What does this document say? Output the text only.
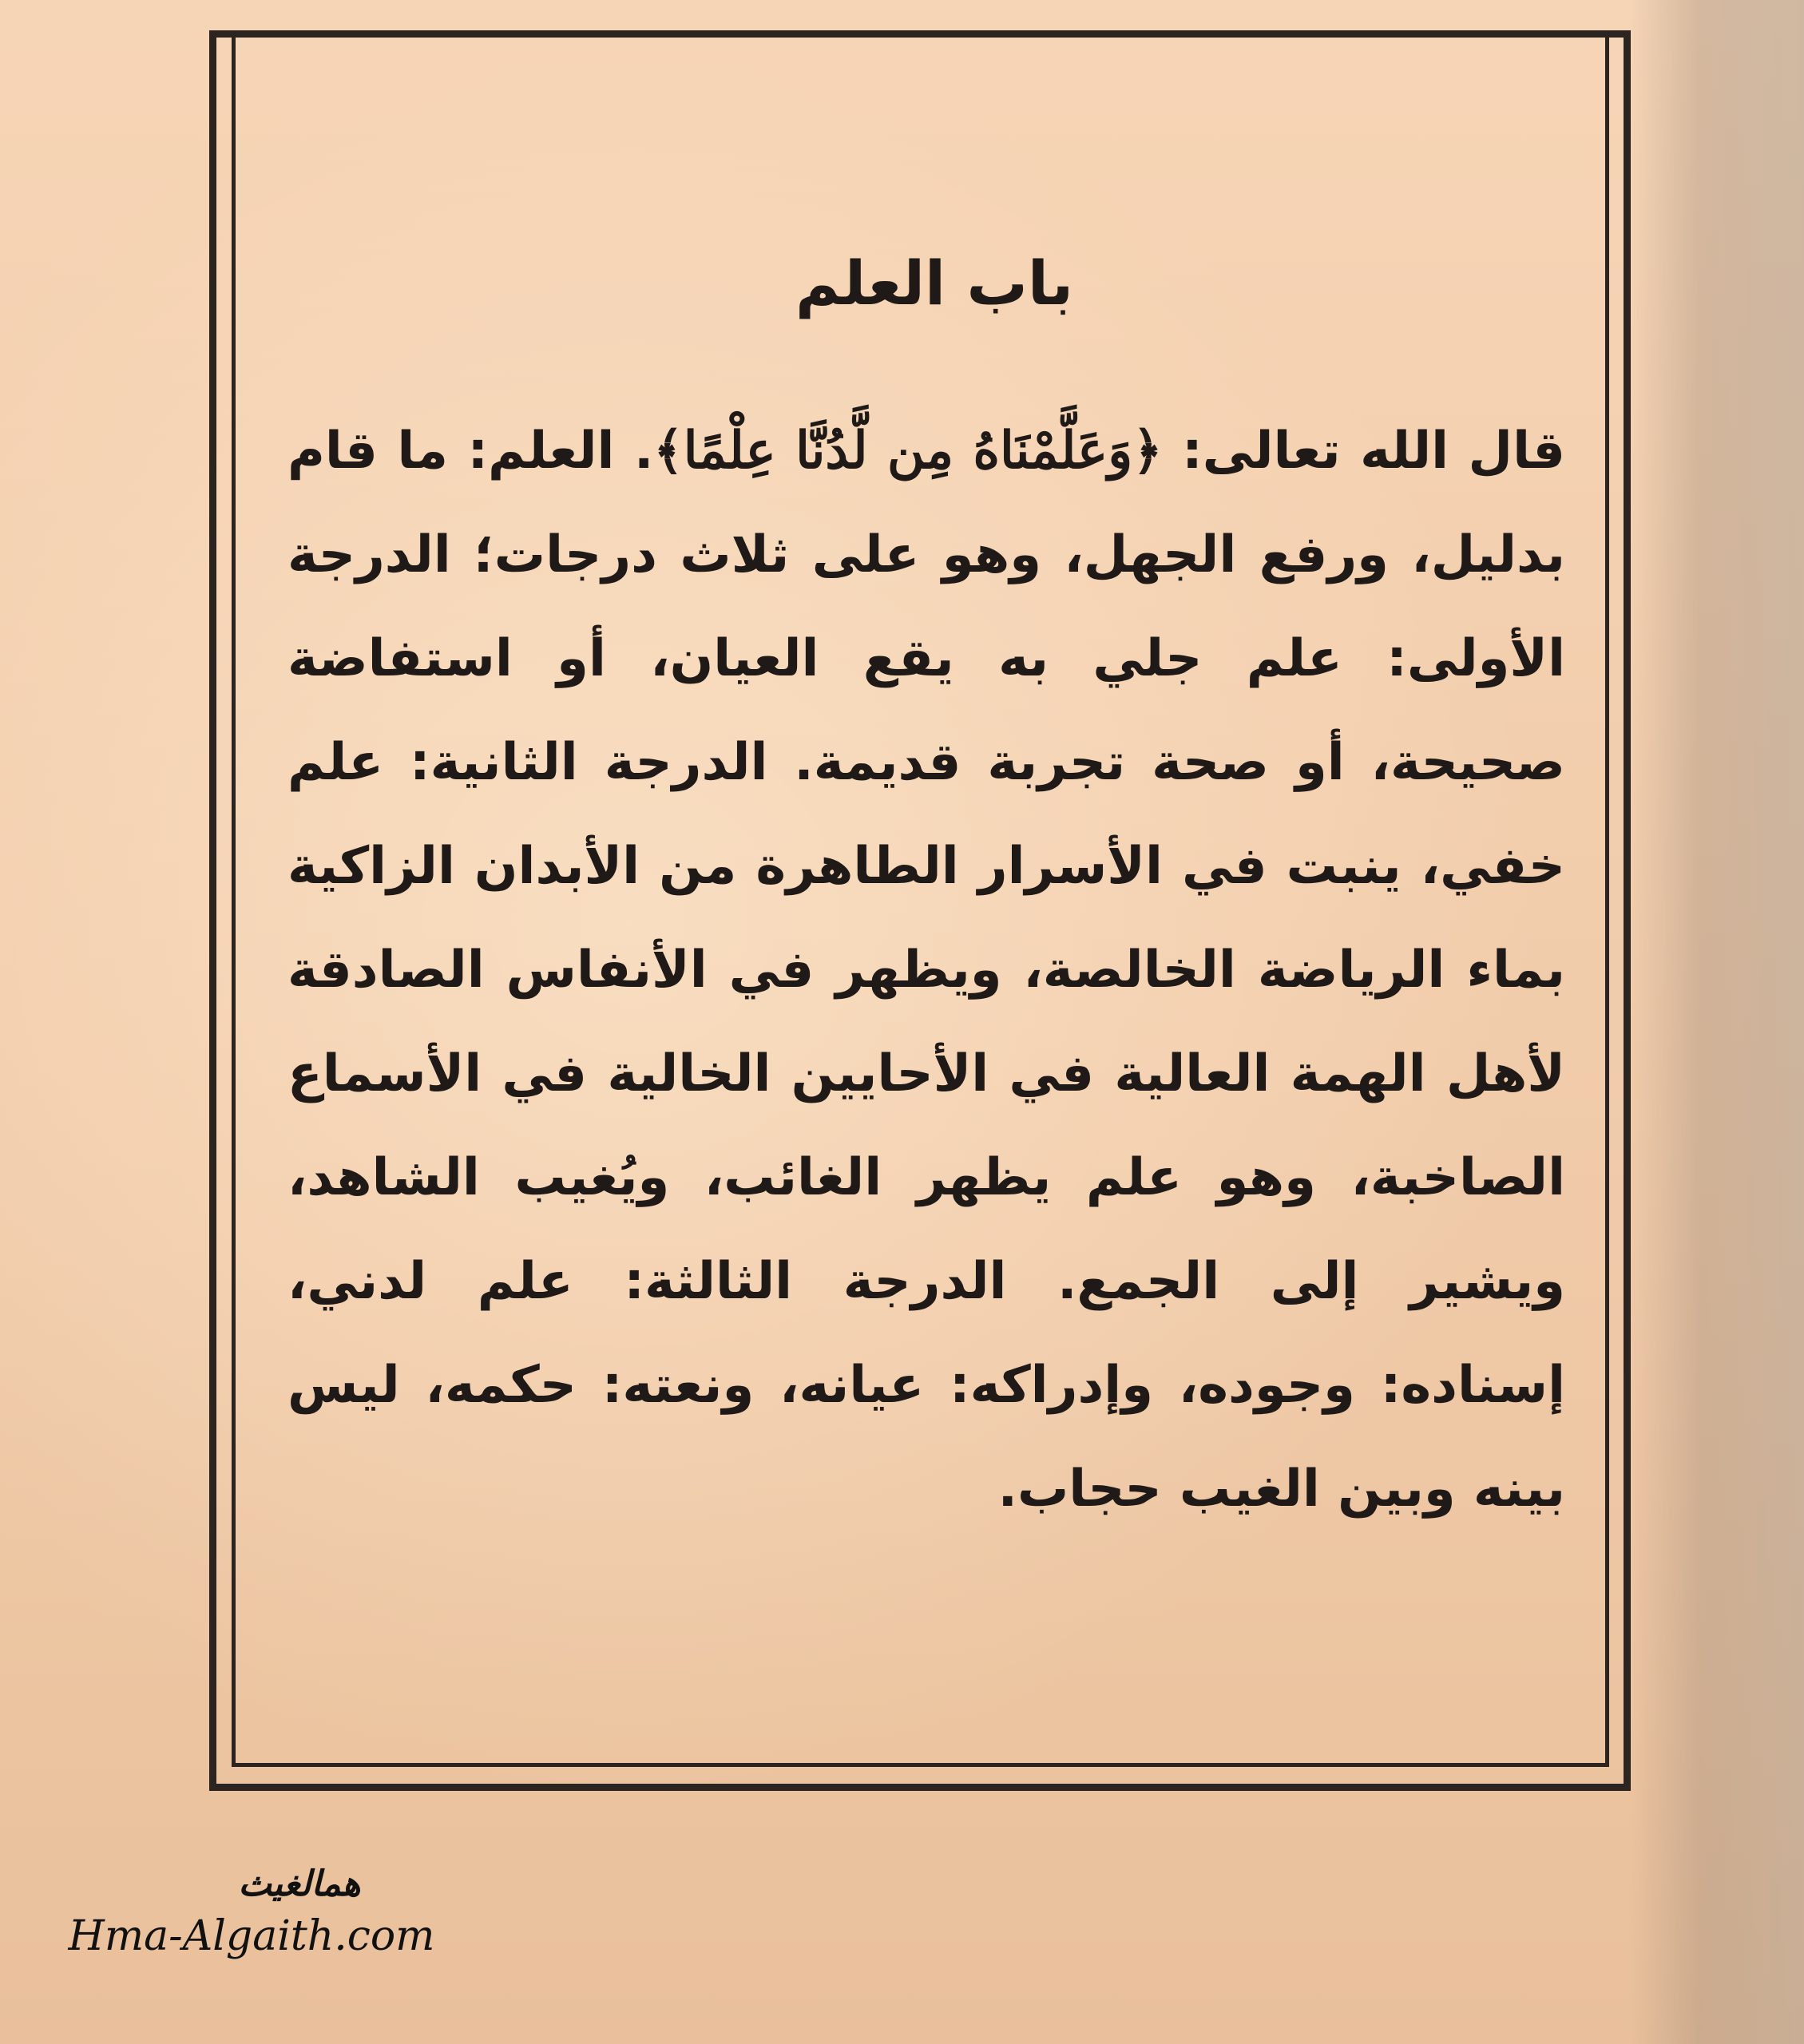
باب العلم

قال الله تعالى: ﴿وَعَلَّمْنَاهُ مِن لَّدُنَّا عِلْمًا﴾. العلم: ما قام بدليل، ورفع الجهل، وهو على ثلاث درجات؛ الدرجة الأولى: علم جلي به يقع العيان، أو استفاضة صحيحة، أو صحة تجربة قديمة. الدرجة الثانية: علم خفي، ينبت في الأسرار الطاهرة من الأبدان الزاكية بماء الرياضة الخالصة، ويظهر في الأنفاس الصادقة لأهل الهمة العالية في الأحايين الخالية في الأسماع الصاخبة، وهو علم يظهر الغائب، ويُغيب الشاهد، ويشير إلى الجمع. الدرجة الثالثة: علم لدني، إسناده: وجوده، وإدراكه: عيانه، ونعته: حكمه، ليس بينه وبين الغيب حجاب.

همالغيث
Hma-Algaith.com
